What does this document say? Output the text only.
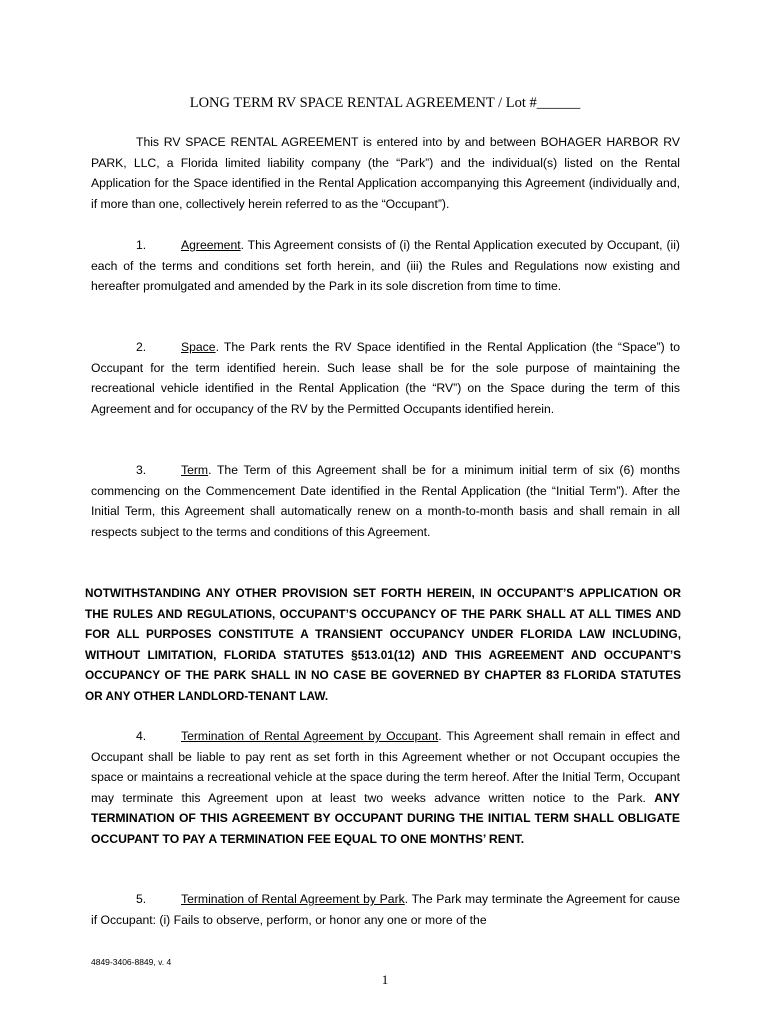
LONG TERM RV SPACE RENTAL AGREEMENT / Lot #______
This RV SPACE RENTAL AGREEMENT is entered into by and between BOHAGER HARBOR RV PARK, LLC, a Florida limited liability company (the “Park”) and the individual(s) listed on the Rental Application for the Space identified in the Rental Application accompanying this Agreement (individually and, if more than one, collectively herein referred to as the “Occupant”).
1.	Agreement. This Agreement consists of (i) the Rental Application executed by Occupant, (ii) each of the terms and conditions set forth herein, and (iii) the Rules and Regulations now existing and hereafter promulgated and amended by the Park in its sole discretion from time to time.
2.	Space. The Park rents the RV Space identified in the Rental Application (the “Space”) to Occupant for the term identified herein. Such lease shall be for the sole purpose of maintaining the recreational vehicle identified in the Rental Application (the “RV”) on the Space during the term of this Agreement and for occupancy of the RV by the Permitted Occupants identified herein.
3.	Term. The Term of this Agreement shall be for a minimum initial term of six (6) months commencing on the Commencement Date identified in the Rental Application (the “Initial Term”). After the Initial Term, this Agreement shall automatically renew on a month-to-month basis and shall remain in all respects subject to the terms and conditions of this Agreement.
NOTWITHSTANDING ANY OTHER PROVISION SET FORTH HEREIN, IN OCCUPANT’S APPLICATION OR THE RULES AND REGULATIONS, OCCUPANT’S OCCUPANCY OF THE PARK SHALL AT ALL TIMES AND FOR ALL PURPOSES CONSTITUTE A TRANSIENT OCCUPANCY UNDER FLORIDA LAW INCLUDING, WITHOUT LIMITATION, FLORIDA STATUTES §513.01(12) AND THIS AGREEMENT AND OCCUPANT’S OCCUPANCY OF THE PARK SHALL IN NO CASE BE GOVERNED BY CHAPTER 83 FLORIDA STATUTES OR ANY OTHER LANDLORD-TENANT LAW.
4.	Termination of Rental Agreement by Occupant. This Agreement shall remain in effect and Occupant shall be liable to pay rent as set forth in this Agreement whether or not Occupant occupies the space or maintains a recreational vehicle at the space during the term hereof. After the Initial Term, Occupant may terminate this Agreement upon at least two weeks advance written notice to the Park. ANY TERMINATION OF THIS AGREEMENT BY OCCUPANT DURING THE INITIAL TERM SHALL OBLIGATE OCCUPANT TO PAY A TERMINATION FEE EQUAL TO ONE MONTHS’ RENT.
5.	Termination of Rental Agreement by Park. The Park may terminate the Agreement for cause if Occupant: (i) Fails to observe, perform, or honor any one or more of the
4849-3406-8849, v. 4
1
